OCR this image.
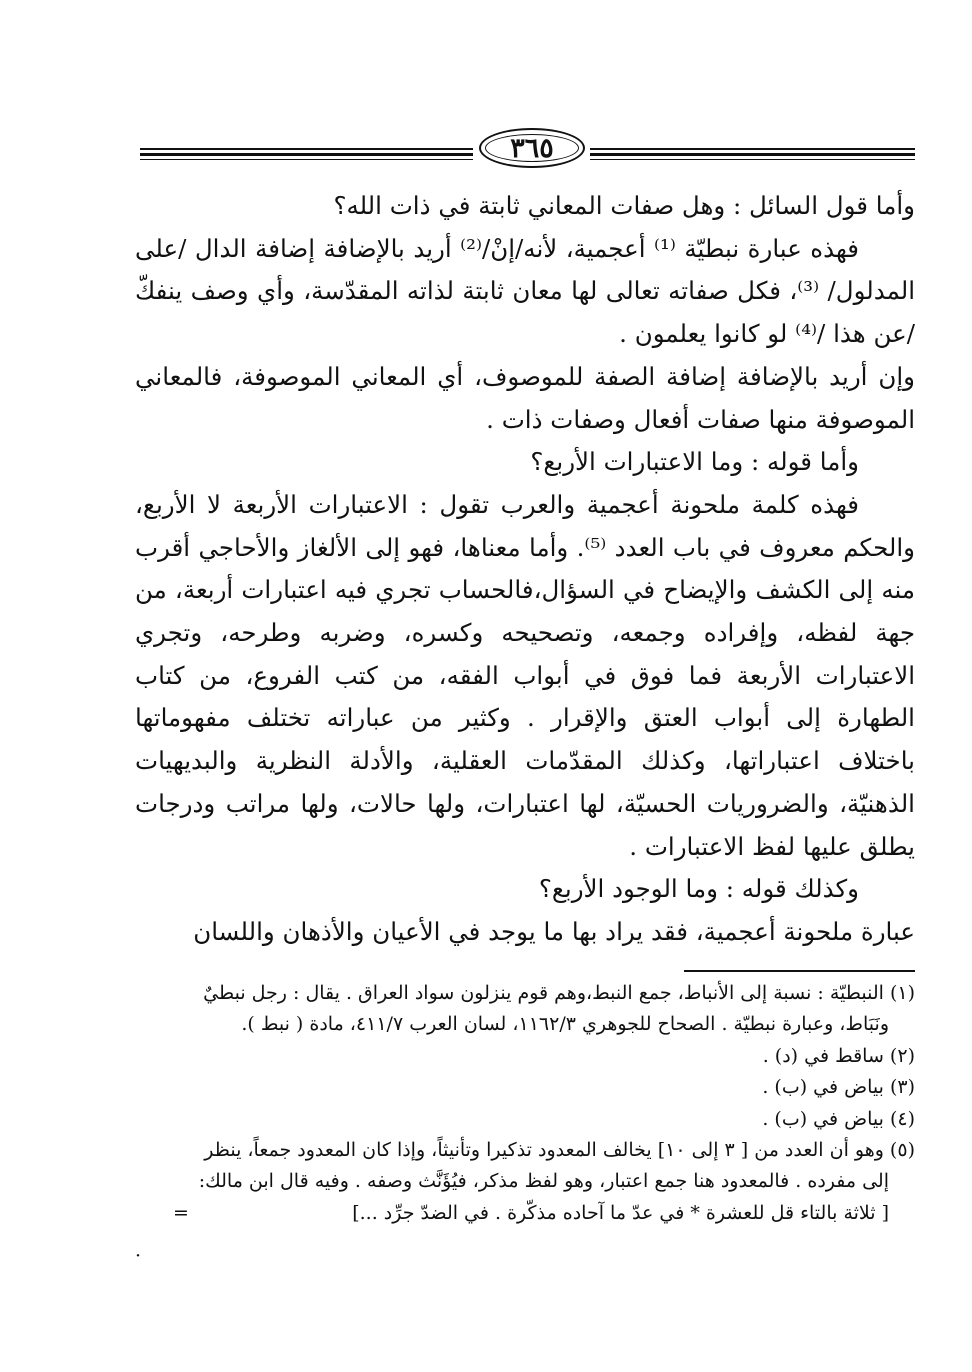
٣٦٥

وأما قول السائل : وهل صفات المعاني ثابتة في ذات الله؟

فهذه عبارة نبطيّة ⁽¹⁾ أعجمية، لأنه/إنْ/⁽²⁾ أريد بالإضافة إضافة الدال /على المدلول/ ⁽³⁾، فكل صفاته تعالى لها معان ثابتة لذاته المقدّسة، وأي وصف ينفكّ /عن هذا /⁽⁴⁾ لو كانوا يعلمون .

وإن أريد بالإضافة إضافة الصفة للموصوف، أي المعاني الموصوفة، فالمعاني الموصوفة منها صفات أفعال وصفات ذات .

وأما قوله : وما الاعتبارات الأربع؟

فهذه كلمة ملحونة أعجمية والعرب تقول : الاعتبارات الأربعة لا الأربع، والحكم معروف في باب العدد ⁽⁵⁾. وأما معناها، فهو إلى الألغاز والأحاجي أقرب منه إلى الكشف والإيضاح في السؤال،فالحساب تجري فيه اعتبارات أربعة، من جهة لفظه، وإفراده وجمعه، وتصحيحه وكسره، وضربه وطرحه، وتجري الاعتبارات الأربعة فما فوق في أبواب الفقه، من كتب الفروع، من كتاب الطهارة إلى أبواب العتق والإقرار . وكثير من عباراته تختلف مفهوماتها باختلاف اعتباراتها، وكذلك المقدّمات العقلية، والأدلة النظرية والبديهيات الذهنيّة، والضروريات الحسيّة، لها اعتبارات، ولها حالات، ولها مراتب ودرجات يطلق عليها لفظ الاعتبارات .

وكذلك قوله : وما الوجود الأربع؟

عبارة ملحونة أعجمية، فقد يراد بها ما يوجد في الأعيان والأذهان واللسان

(١) النبطيّة : نسبة إلى الأنباط، جمع النبط،وهم قوم ينزلون سواد العراق . يقال : رجل نبطيٌ

ونَبَاط، وعبارة نبطيّة . الصحاح للجوهري ١١٦٢/٣، لسان العرب ٤١١/٧، مادة ( نبط ).

(٢) ساقط في (د) .

(٣) بياض في (ب) .

(٤) بياض في (ب) .

(٥) وهو أن العدد من [ ٣ إلى ١٠] يخالف المعدود تذكيرا وتأنيثاً، وإذا كان المعدود جمعاً، ينظر

إلى مفرده . فالمعدود هنا جمع اعتبار، وهو لفظ مذكر، فيُؤَنَّث وصفه . وفيه قال ابن مالك:

[ ثلاثة بالتاء قل للعشرة * في عدّ ما آحاده مذكّرة . في الضدّ جرِّد ...]
=

·
